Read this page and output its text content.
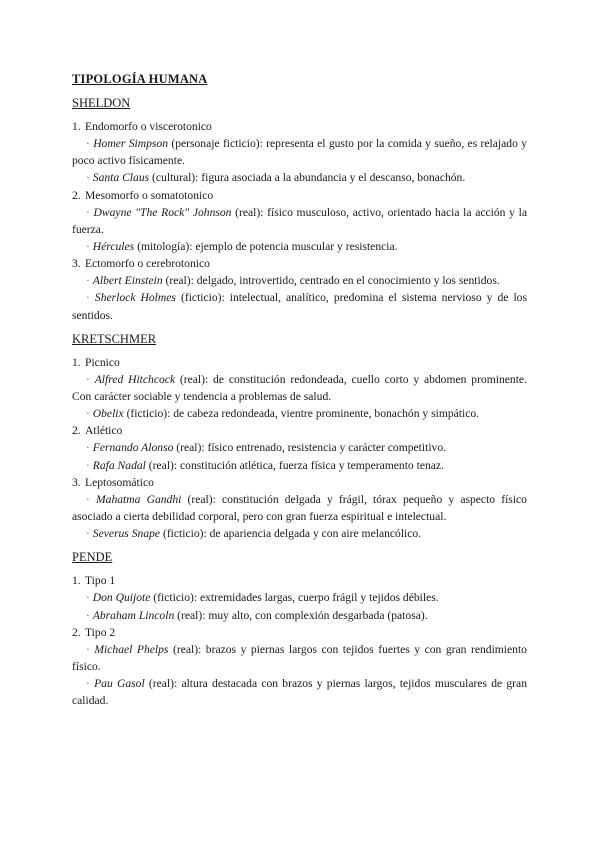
TIPOLOGÍA HUMANA
SHELDON
1. Endomorfo o viscerotonico
· Homer Simpson (personaje ficticio): representa el gusto por la comida y sueño, es relajado y poco activo físicamente.
· Santa Claus (cultural): figura asociada a la abundancia y el descanso, bonachón.
2. Mesomorfo o somatotonico
· Dwayne "The Rock" Johnson (real): físico musculoso, activo, orientado hacia la acción y la fuerza.
· Hércules (mitología): ejemplo de potencia muscular y resistencia.
3. Ectomorfo o cerebrotonico
· Albert Einstein (real): delgado, introvertido, centrado en el conocimiento y los sentidos.
· Sherlock Holmes (ficticio): intelectual, analítico, predomina el sistema nervioso y de los sentidos.
KRETSCHMER
1. Picnico
· Alfred Hitchcock (real): de constitución redondeada, cuello corto y abdomen prominente. Con carácter sociable y tendencia a problemas de salud.
· Obelix (ficticio): de cabeza redondeada, vientre prominente, bonachón y simpático.
2. Atlético
· Fernando Alonso (real): físico entrenado, resistencia y carácter competitivo.
· Rafa Nadal (real): constitución atlética, fuerza física y temperamento tenaz.
3. Leptosomático
· Mahatma Gandhi (real): constitución delgada y frágil, tórax pequeño y aspecto físico asociado a cierta debilidad corporal, pero con gran fuerza espiritual e intelectual.
· Severus Snape (ficticio): de apariencia delgada y con aire melancólico.
PENDE
1. Tipo 1
· Don Quijote (ficticio): extremidades largas, cuerpo frágil y tejidos débiles.
· Abraham Lincoln (real): muy alto, con complexión desgarbada (patosa).
2. Tipo 2
· Michael Phelps (real): brazos y piernas largos con tejidos fuertes y con gran rendimiento físico.
· Pau Gasol (real): altura destacada con brazos y piernas largos, tejidos musculares de gran calidad.
